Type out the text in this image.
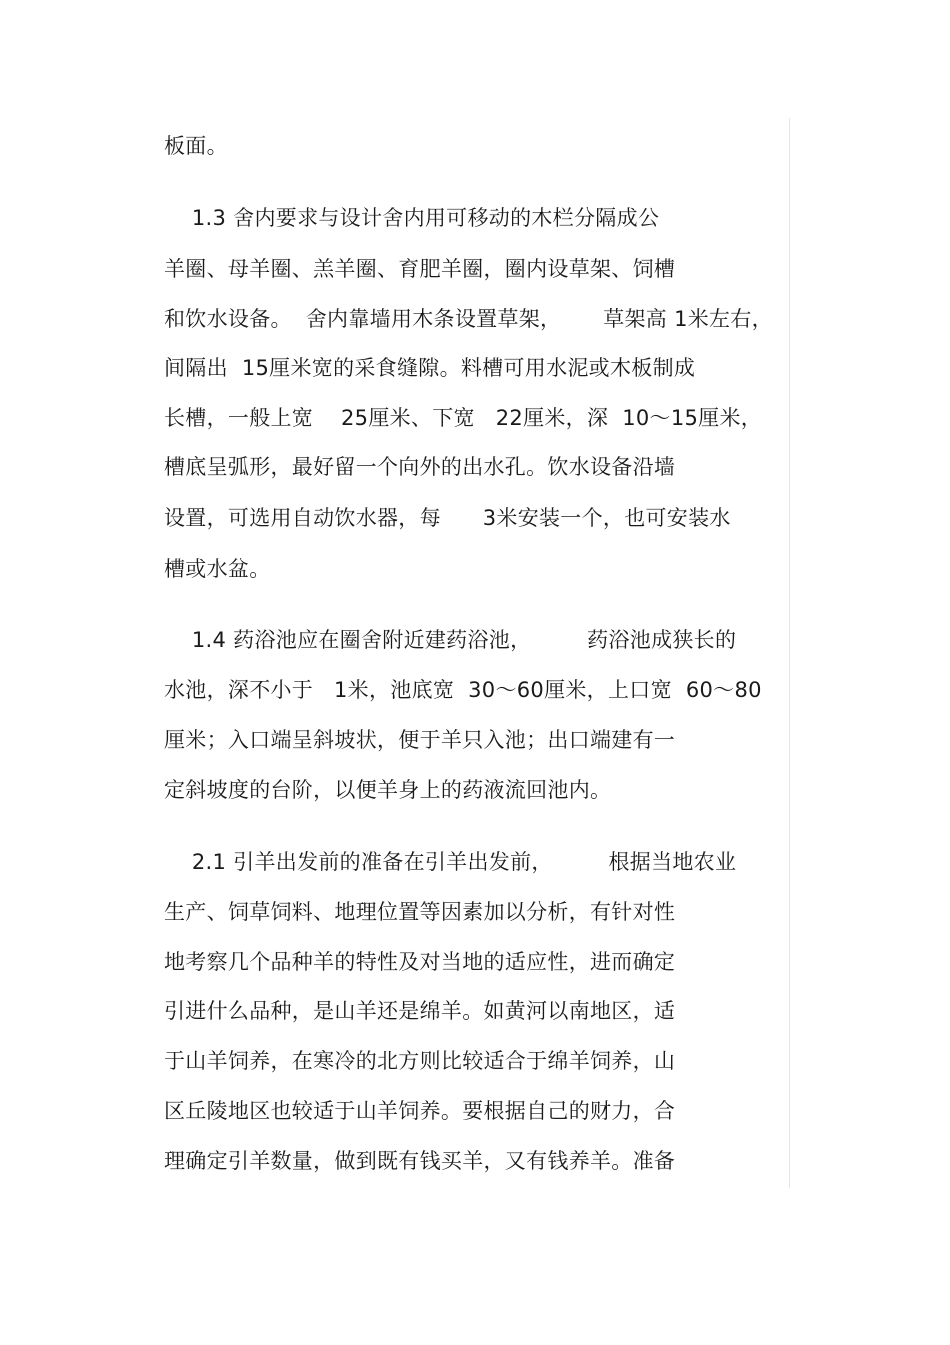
板面。
1.3 舍内要求与设计舍内用可移动的木栏分隔成公
羊圈、母羊圈、羔羊圈、育肥羊圈，圈内设草架、饲槽
和饮水设备。  舍内靠墙用木条设置草架，      草架高 1米左右，
间隔出  15厘米宽的采食缝隙。料槽可用水泥或木板制成
长槽，一般上宽    25厘米、下宽   22厘米，深  10～15厘米，
槽底呈弧形，最好留一个向外的出水孔。饮水设备沿墙
设置，可选用自动饮水器，每      3米安装一个，也可安装水
槽或水盆。
1.4 药浴池应在圈舍附近建药浴池，        药浴池成狭长的
水池，深不小于   1米，池底宽  30～60厘米，上口宽  60～80
厘米；入口端呈斜坡状，便于羊只入池；出口端建有一
定斜坡度的台阶，以便羊身上的药液流回池内。
2.1 引羊出发前的准备在引羊出发前，        根据当地农业
生产、饲草饲料、地理位置等因素加以分析，有针对性
地考察几个品种羊的特性及对当地的适应性，进而确定
引进什么品种，是山羊还是绵羊。如黄河以南地区，适
于山羊饲养，在寒冷的北方则比较适合于绵羊饲养，山
区丘陵地区也较适于山羊饲养。要根据自己的财力，合
理确定引羊数量，做到既有钱买羊，又有钱养羊。准备
